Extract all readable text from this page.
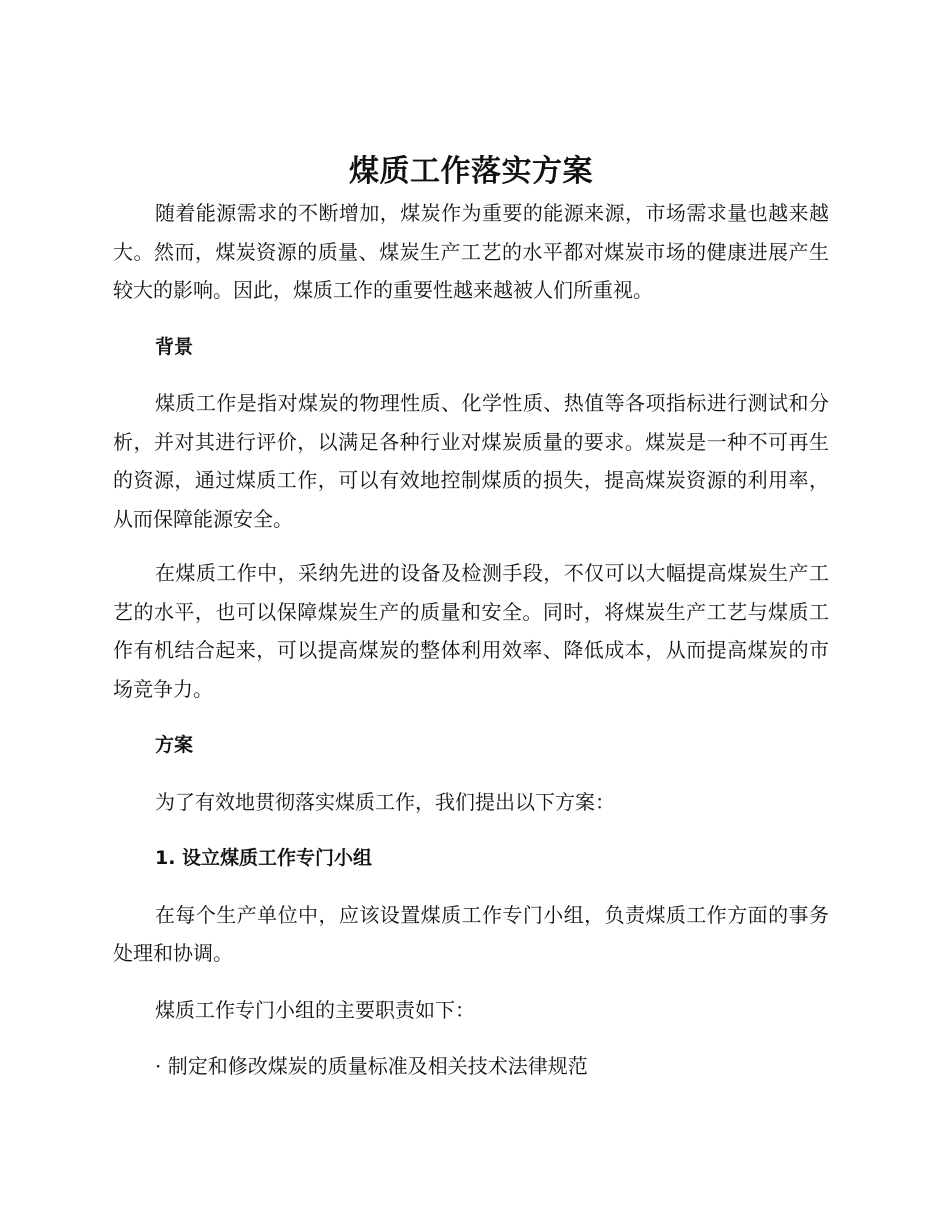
煤质工作落实方案

随着能源需求的不断增加，煤炭作为重要的能源来源，市场需求量也越来越大。然而，煤炭资源的质量、煤炭生产工艺的水平都对煤炭市场的健康进展产生较大的影响。因此，煤质工作的重要性越来越被人们所重视。

背景

煤质工作是指对煤炭的物理性质、化学性质、热值等各项指标进行测试和分析，并对其进行评价，以满足各种行业对煤炭质量的要求。煤炭是一种不可再生的资源，通过煤质工作，可以有效地控制煤质的损失，提高煤炭资源的利用率，从而保障能源安全。

在煤质工作中，采纳先进的设备及检测手段，不仅可以大幅提高煤炭生产工艺的水平，也可以保障煤炭生产的质量和安全。同时，将煤炭生产工艺与煤质工作有机结合起来，可以提高煤炭的整体利用效率、降低成本，从而提高煤炭的市场竞争力。

方案

为了有效地贯彻落实煤质工作，我们提出以下方案：

1. 设立煤质工作专门小组

在每个生产单位中，应该设置煤质工作专门小组，负责煤质工作方面的事务处理和协调。

煤质工作专门小组的主要职责如下：

· 制定和修改煤炭的质量标准及相关技术法律规范
